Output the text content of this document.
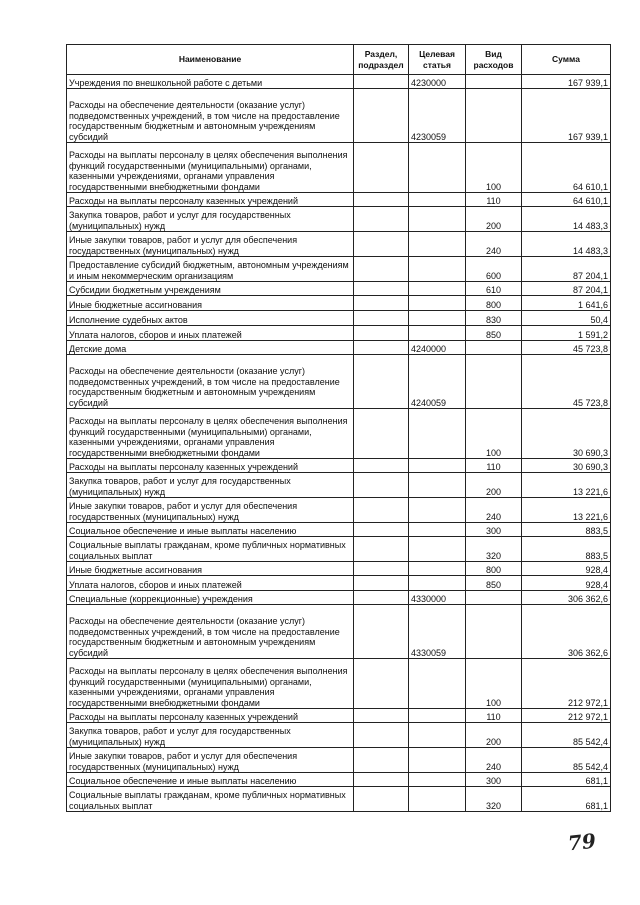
Наименование	Раздел, подраздел	Целевая статья	Вид расходов	Сумма
Учреждения по внешкольной работе с детьми		4230000		167 939,1
Расходы на обеспечение деятельности (оказание услуг) подведомственных учреждений, в том числе на предоставление государственным бюджетным и автономным учреждениям субсидий		4230059		167 939,1
Расходы на выплаты персоналу в целях обеспечения выполнения функций государственными (муниципальными) органами, казенными учреждениями, органами управления государственными внебюджетными фондами			100	64 610,1
Расходы на выплаты персоналу казенных учреждений			110	64 610,1
Закупка товаров, работ и услуг для государственных (муниципальных) нужд			200	14 483,3
Иные закупки товаров, работ и услуг для обеспечения государственных (муниципальных) нужд			240	14 483,3
Предоставление субсидий бюджетным, автономным учреждениям и иным некоммерческим организациям			600	87 204,1
Субсидии бюджетным учреждениям			610	87 204,1
Иные бюджетные ассигнования			800	1 641,6
Исполнение судебных актов			830	50,4
Уплата налогов, сборов и иных платежей			850	1 591,2
Детские дома		4240000		45 723,8
Расходы на обеспечение деятельности (оказание услуг) подведомственных учреждений, в том числе на предоставление государственным бюджетным и автономным учреждениям субсидий		4240059		45 723,8
Расходы на выплаты персоналу в целях обеспечения выполнения функций государственными (муниципальными) органами, казенными учреждениями, органами управления государственными внебюджетными фондами			100	30 690,3
Расходы на выплаты персоналу казенных учреждений			110	30 690,3
Закупка товаров, работ и услуг для государственных (муниципальных) нужд			200	13 221,6
Иные закупки товаров, работ и услуг для обеспечения государственных (муниципальных) нужд			240	13 221,6
Социальное обеспечение и иные выплаты населению			300	883,5
Социальные выплаты гражданам, кроме публичных нормативных социальных выплат			320	883,5
Иные бюджетные ассигнования			800	928,4
Уплата налогов, сборов и иных платежей			850	928,4
Специальные (коррекционные) учреждения		4330000		306 362,6
Расходы на обеспечение деятельности (оказание услуг) подведомственных учреждений, в том числе на предоставление государственным бюджетным и автономным учреждениям субсидий		4330059		306 362,6
Расходы на выплаты персоналу в целях обеспечения выполнения функций государственными (муниципальными) органами, казенными учреждениями, органами управления государственными внебюджетными фондами			100	212 972,1
Расходы на выплаты персоналу казенных учреждений			110	212 972,1
Закупка товаров, работ и услуг для государственных (муниципальных) нужд			200	85 542,4
Иные закупки товаров, работ и услуг для обеспечения государственных (муниципальных) нужд			240	85 542,4
Социальное обеспечение и иные выплаты населению			300	681,1
Социальные выплаты гражданам, кроме публичных нормативных социальных выплат			320	681,1
79
